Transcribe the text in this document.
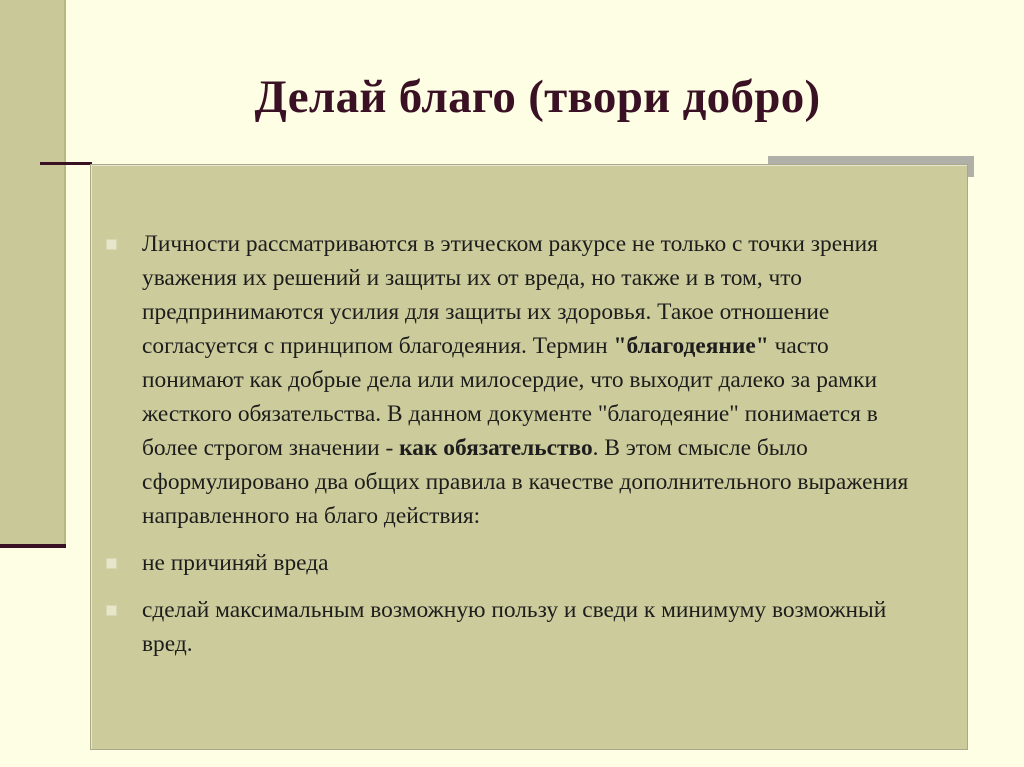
Делай благо (твори добро)
Личности рассматриваются в этическом ракурсе не только с точки зрения уважения их решений и защиты их от вреда, но также и в том, что предпринимаются усилия для защиты их здоровья. Такое отношение согласуется с принципом благодеяния. Термин "благодеяние" часто понимают как добрые дела или милосердие, что выходит далеко за рамки жесткого обязательства. В данном документе "благодеяние" понимается в более строгом значении - как обязательство. В этом смысле было сформулировано два общих правила в качестве дополнительного выражения направленного на благо действия:
не причиняй вреда
сделай максимальным возможную пользу и сведи к минимуму возможный вред.
